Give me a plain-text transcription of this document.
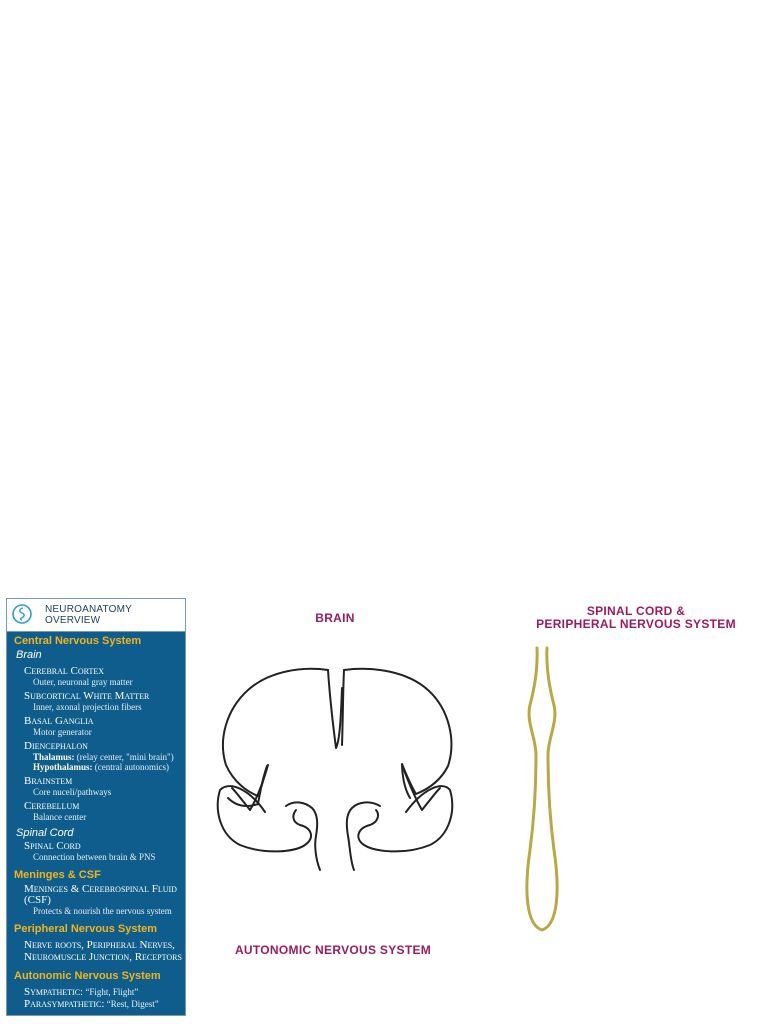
NEUROANATOMY
OVERVIEW
Central Nervous System
Brain
Cerebral Cortex
Outer, neuronal gray matter
Subcortical White Matter
Inner, axonal projection fibers
Basal Ganglia
Motor generator
Diencephalon
Thalamus: (relay center, "mini brain")
Hypothalamus: (central autonomics)
Brainstem
Core nuceli/pathways
Cerebellum
Balance center
Spinal Cord
Spinal Cord
Connection between brain & PNS
Meninges & CSF
Meninges & Cerebrospinal Fluid (CSF)
Protects & nourish the nervous system
Peripheral Nervous System
Nerve roots, Peripheral Nerves,
Neuromuscle Junction, Receptors
Autonomic Nervous System
Sympathetic: “Fight, Flight”
Parasympathetic: “Rest, Digest”
BRAIN	SPINAL CORD &
PERIPHERAL NERVOUS SYSTEM
AUTONOMIC NERVOUS SYSTEM
